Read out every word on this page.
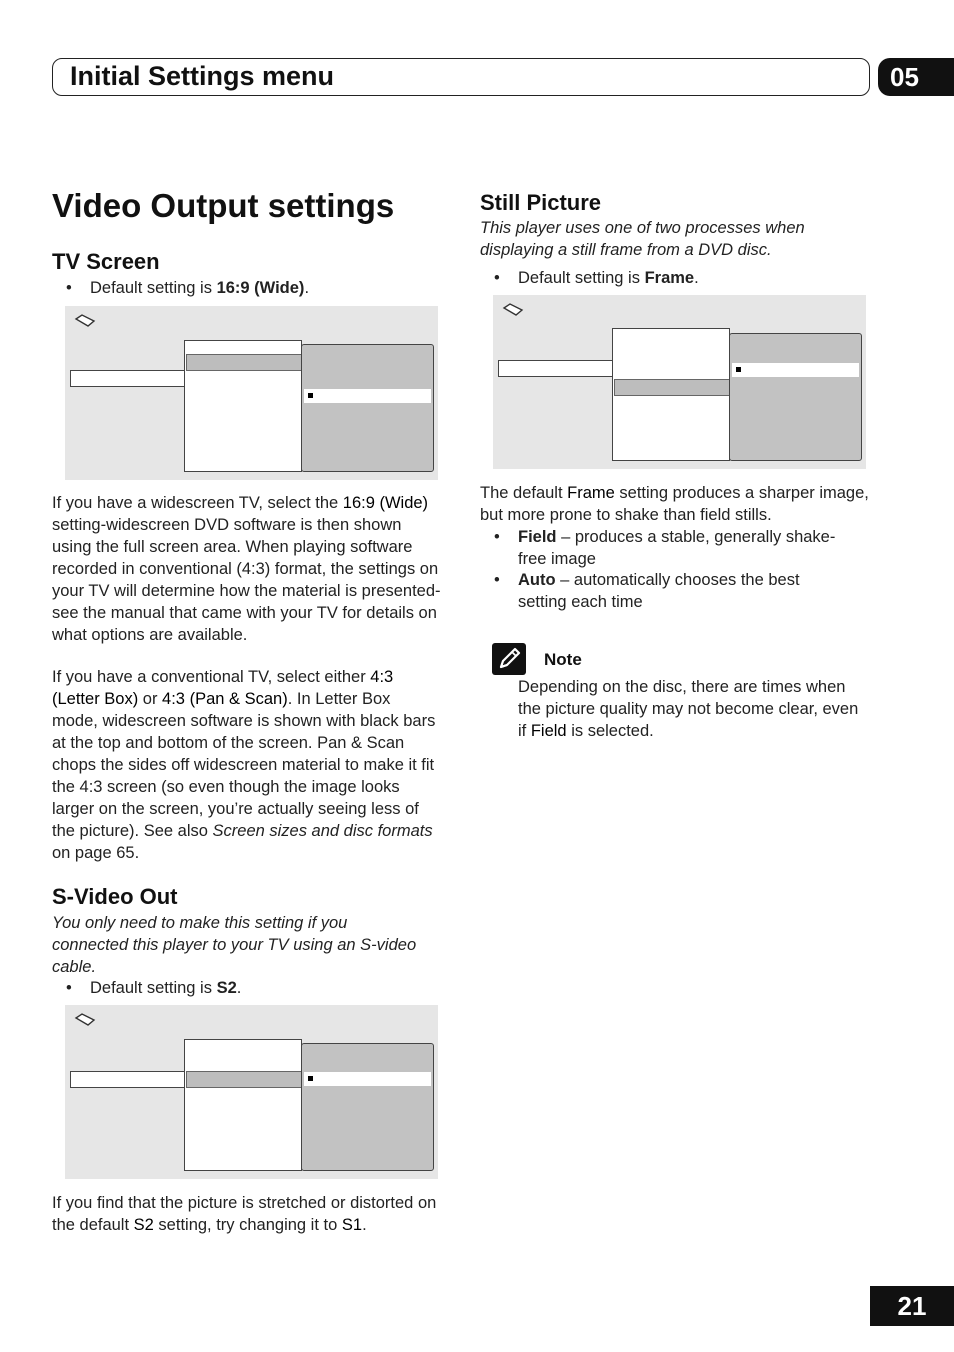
Initial Settings menu	05
Video Output settings
TV Screen
• Default setting is 16:9 (Wide).
If you have a widescreen TV, select the 16:9 (Wide) setting-widescreen DVD software is then shown using the full screen area. When playing software recorded in conventional (4:3) format, the settings on your TV will determine how the material is presented-see the manual that came with your TV for details on what options are available.
If you have a conventional TV, select either 4:3 (Letter Box) or 4:3 (Pan & Scan). In Letter Box mode, widescreen software is shown with black bars at the top and bottom of the screen. Pan & Scan chops the sides off widescreen material to make it fit the 4:3 screen (so even though the image looks larger on the screen, you’re actually seeing less of the picture). See also Screen sizes and disc formats on page 65.
S-Video Out
You only need to make this setting if you connected this player to your TV using an S-video cable.
• Default setting is S2.
If you find that the picture is stretched or distorted on the default S2 setting, try changing it to S1.
Still Picture
This player uses one of two processes when displaying a still frame from a DVD disc.
• Default setting is Frame.
The default Frame setting produces a sharper image, but more prone to shake than field stills.
• Field – produces a stable, generally shake-free image
• Auto – automatically chooses the best setting each time
Note
Depending on the disc, there are times when the picture quality may not become clear, even if Field is selected.
21
